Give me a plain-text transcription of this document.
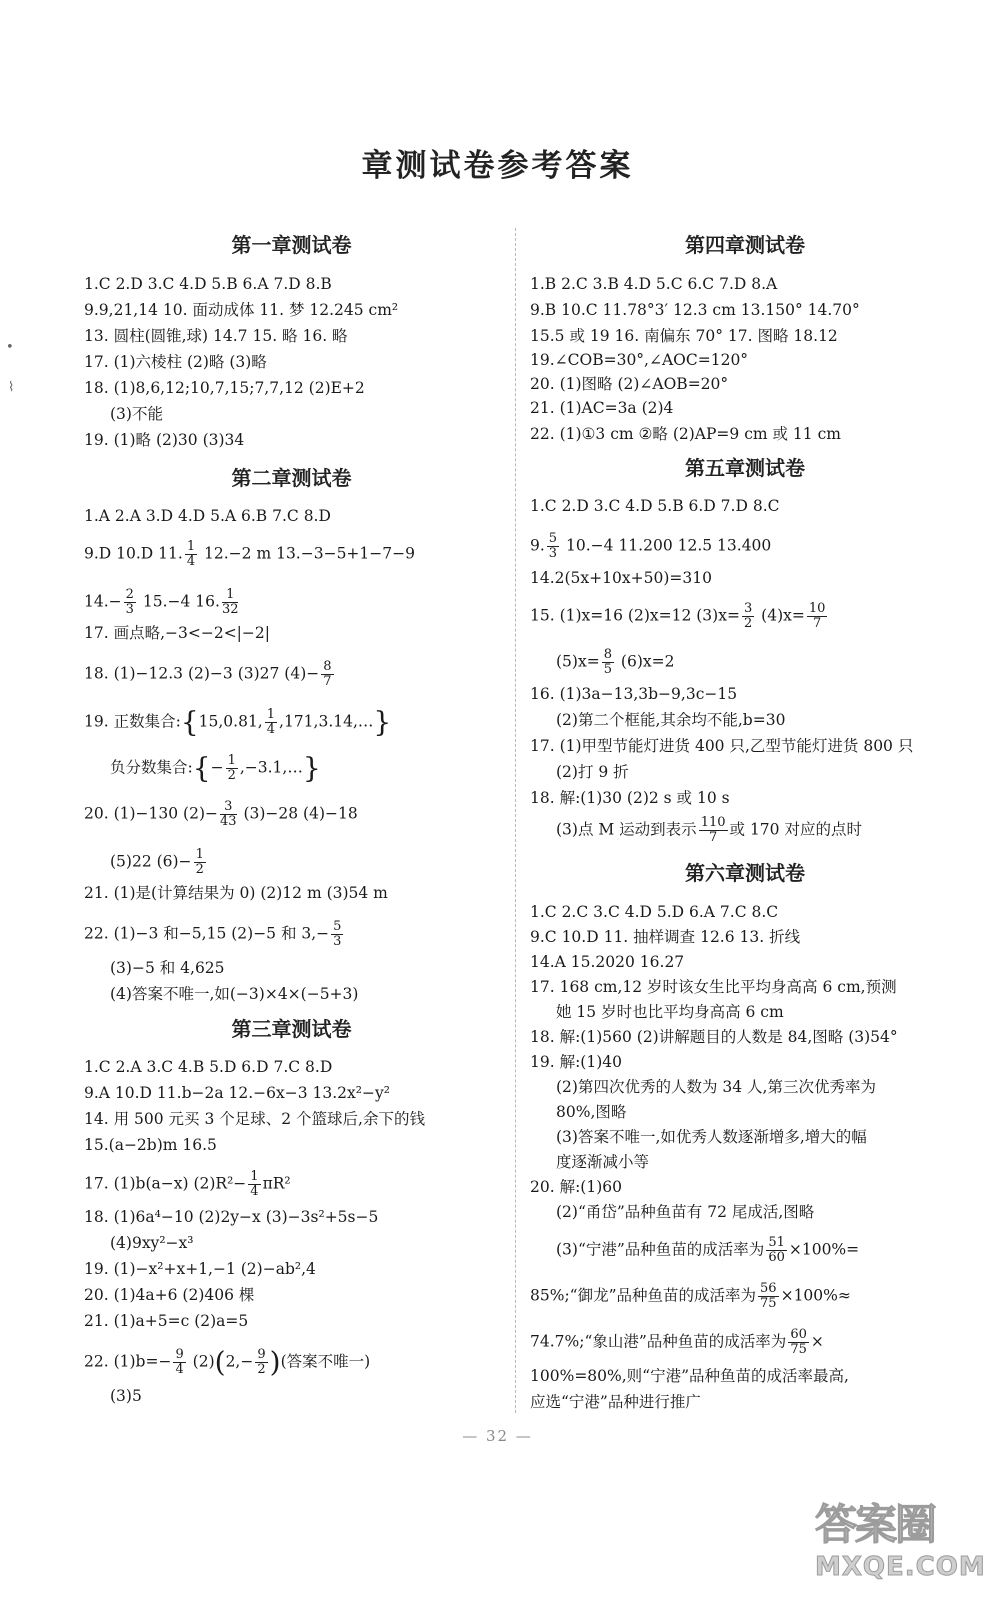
章测试卷参考答案
第一章测试卷
1.C 2.D 3.C 4.D 5.B 6.A 7.D 8.B
9.9,21,14 10. 面动成体 11. 梦 12.245 cm²
13. 圆柱(圆锥,球) 14.7 15. 略 16. 略
17. (1)六棱柱 (2)略 (3)略
18. (1)8,6,12;10,7,15;7,7,12 (2)E+2
(3)不能
19. (1)略 (2)30 (3)34
第二章测试卷
1.A 2.A 3.D 4.D 5.A 6.B 7.C 8.D
9.D 10.D 11. $\frac{1}{4} 12.-2$ m 13.−3−5+1−7−9
$14.- \frac{2}{3} 15.-4$ 16. $\frac{1}{32}$
17. 画点略,−3<−2<|−2|
18. (1)−12.3 (2)−3 (3)27 $(4)- \frac{8}{7}$
19. 正数集合:{15,0.81, $\frac{1}{4}$ ,171,3.14,…}
负分数集合:{− $\frac{1}{2}$ ,−3.1,…}
20. (1)−130 $(2)- \frac{3}{43} (3)-28$ (4)−18
(5)22 $(6)- \frac{1}{2}$
21. (1)是(计算结果为 0) (2)12 m (3)54 m
22. (1)−3 和−5,15 (2)−5 和 $3,- \frac{5}{3}$
(3)−5 和 4,625
(4)答案不唯一,如(−3)×4×(−5+3)
第三章测试卷
1.C 2.A 3.C 4.B 5.D 6.D 7.C 8.D
9.A 10.D 11.b−2a 12.−6x−3 13.2x²−y²
14. 用 500 元买 3 个足球、2 个篮球后,余下的钱
15.(a−2b)m 16.5
17. (1)b(a−x) $(2)R^2- \frac{1}{4} \pi R^2$
18. (1)6a⁴−10 (2)2y−x (3)−3s²+5s−5
(4)9xy²−x³
19. (1)−x²+x+1,−1 (2)−ab²,4
20. (1)4a+6 (2)406 棵
21. (1)a+5=c (2)a=5
22. $(1)b=- \frac{9}{4} (2)(2,- \frac{9}{2}$ )(答案不唯一)
(3)5
第四章测试卷
1.B 2.C 3.B 4.D 5.C 6.C 7.D 8.A
9.B 10.C 11.78°3′ 12.3 cm 13.150° 14.70°
15.5 或 19 16. 南偏东 70° 17. 图略 18.12
19.∠COB=30°,∠AOC=120°
20. (1)图略 (2)∠AOB=20°
21. (1)AC=3a (2)4
22. (1)①3 cm ②略 (2)AP=9 cm 或 11 cm
第五章测试卷
1.C 2.D 3.C 4.D 5.B 6.D 7.D 8.C
9. $\frac{5}{3} 10.-4$ 11.200 12.5 13.400
14.2(5x+10x+50)=310
15. (1)x=16 (2)x=12 $(3)x= \frac{3}{2} (4)x= \frac{10}{7}$
$(5)x= \frac{8}{5} (6)x=2$
16. (1)3a−13,3b−9,3c−15
(2)第二个框能,其余均不能,b=30
17. (1)甲型节能灯进货 400 只,乙型节能灯进货 800 只
(2)打 9 折
18. 解:(1)30 (2)2 s 或 10 s
(3)点 M 运动到表示 $\frac{110}{7}$ 或 170 对应的点时
第六章测试卷
1.C 2.C 3.C 4.D 5.D 6.A 7.C 8.C
9.C 10.D 11. 抽样调查 12.6 13. 折线
14.A 15.2020 16.27
17. 168 cm,12 岁时该女生比平均身高高 6 cm,预测
她 15 岁时也比平均身高高 6 cm
18. 解:(1)560 (2)讲解题目的人数是 84,图略 (3)54°
19. 解:(1)40
(2)第四次优秀的人数为 34 人,第三次优秀率为
80%,图略
(3)答案不唯一,如优秀人数逐渐增多,增大的幅
度逐渐减小等
20. 解:(1)60
(2)“甬岱”品种鱼苗有 72 尾成活,图略
(3)“宁港”品种鱼苗的成活率为 $\frac{51}{60} \times 100\%=$
85%;“御龙”品种鱼苗的成活率为 $\frac{56}{75} \times 100\%\approx$
74.7%;“象山港”品种鱼苗的成活率为 $\frac{60}{75}$ ×
100%=80%,则“宁港”品种鱼苗的成活率最高,
应选“宁港”品种进行推广
— 32 —
•
⌇
答案圈
MXQE.COM
